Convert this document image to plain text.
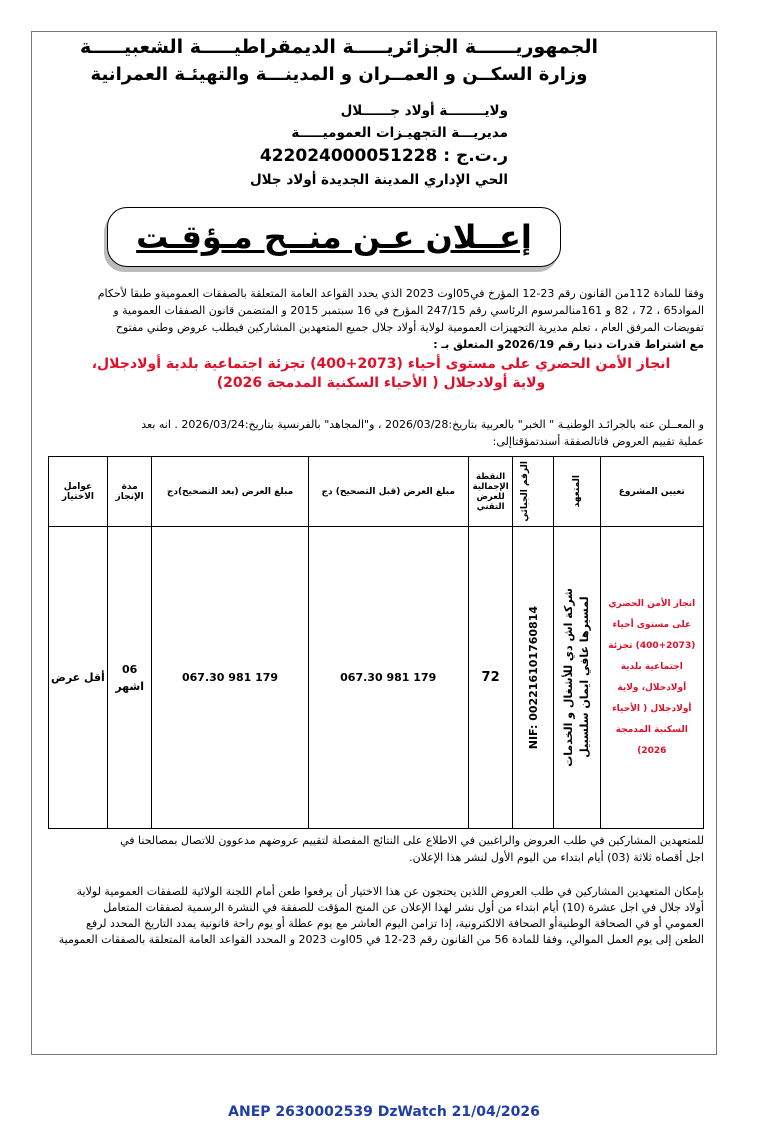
الجمهوريــــــة الجزائريـــــة الديمقراطيـــــة الشعبيـــــة
وزارة السكــن و العمــران و المدينـــة والتهيئـة العمرانية
ولايــــــــة أولاد جــــــلال
مديريـــة التجهيـزات العموميـــــة
ر.ت.ج : 422024000051228
الحي الإداري المدينة الجديدة أولاد جلال
إعــلان عـن منــح مـؤقـت
وفقا للمادة 112من القانون رقم 23-12 المؤرخ في05اوت 2023 الذي يحدد القواعد العامة المتعلقة بالصفقات العموميةو طبقا لأحكام
المواد65 ، 72 ، 82 و 161منالمرسوم الرئاسي رقم 247/15 المؤرخ في 16 سبتمبر 2015 و المتضمن قانون الصفقات العمومية و
تفويضات المرفق العام ، تعلم مديرية التجهيزات العمومية لولاية أولاد جلال جميع المتعهدين المشاركين فيطلب عروض وطني مفتوح
مع اشتراط قدرات دنيا رقم 2026/19و المتعلق بـ :
انجاز الأمن الحضري على مستوى أحياء (2073+400) تجزئة اجتماعية بلدية أولادجلال،
ولاية أولادجلال ( الأحياء السكنية المدمجة 2026)
و المعــلن عنه بالجرائـد الوطنيـة " الخبر" بالعربية بتاريخ:2026/03/28 ، و"المجاهد" بالفرنسية بتاريخ:2026/03/24 . انه بعد
عملية تقييم العروض فاتالصفقة أسندتمؤقتاإلى:
تعيين المشروع	المتعهد	الرقم الجبائي	النقطة الإجمالية للعرض التقني	مبلغ العرض (قبل التصحيح) دج	مبلغ العرض (بعد التصحيح)دج	مدة الإنجاز	عوامل الاختيار
انجاز الأمن الحضري على مستوى أحياء (2073+400) تجزئة اجتماعية بلدية أولادجلال، ولاية أولادجلال ( الأحياء السكنية المدمجة 2026)	شركة اش دي للأشغال و الخدمات لمسيرها عافي ايمان سلسبيل	NIF: 002216101760814	72	179 981 067.30	179 981 067.30	06 اشهر	أقل عرض
للمتعهدين المشاركين في طلب العروض والراغبين في الاطلاع على النتائج المفصلة لتقييم عروضهم مدعوون للاتصال بمصالحنا في
اجل أقصاه ثلاثة (03) أيام ابتداء من اليوم الأول لنشر هذا الإعلان.
بإمكان المتعهدين المشاركين في طلب العروض اللذين يحتجون عن هذا الاختيار أن يرفعوا طعن أمام اللجنة الولائية للصفقات العمومية لولاية
أولاد جلال في اجل عشرة (10) أيام ابتداء من أول نشر لهذا الإعلان عن المنح المؤقت للصفقة في النشرة الرسمية لصفقات المتعامل
العمومي أو في الصحافة الوطنيةأو الصحافة الالكترونية، إذا تزامن اليوم العاشر مع يوم عطلة أو يوم راحة قانونية يمدد التاريخ المحدد لرفع
الطعن إلى يوم العمل الموالي، وفقا للمادة 56 من القانون رقم 23-12 في 05اوت 2023 و المحدد القواعد العامة المتعلقة بالصفقات العمومية
ANEP 2630002539 DzWatch 21/04/2026
